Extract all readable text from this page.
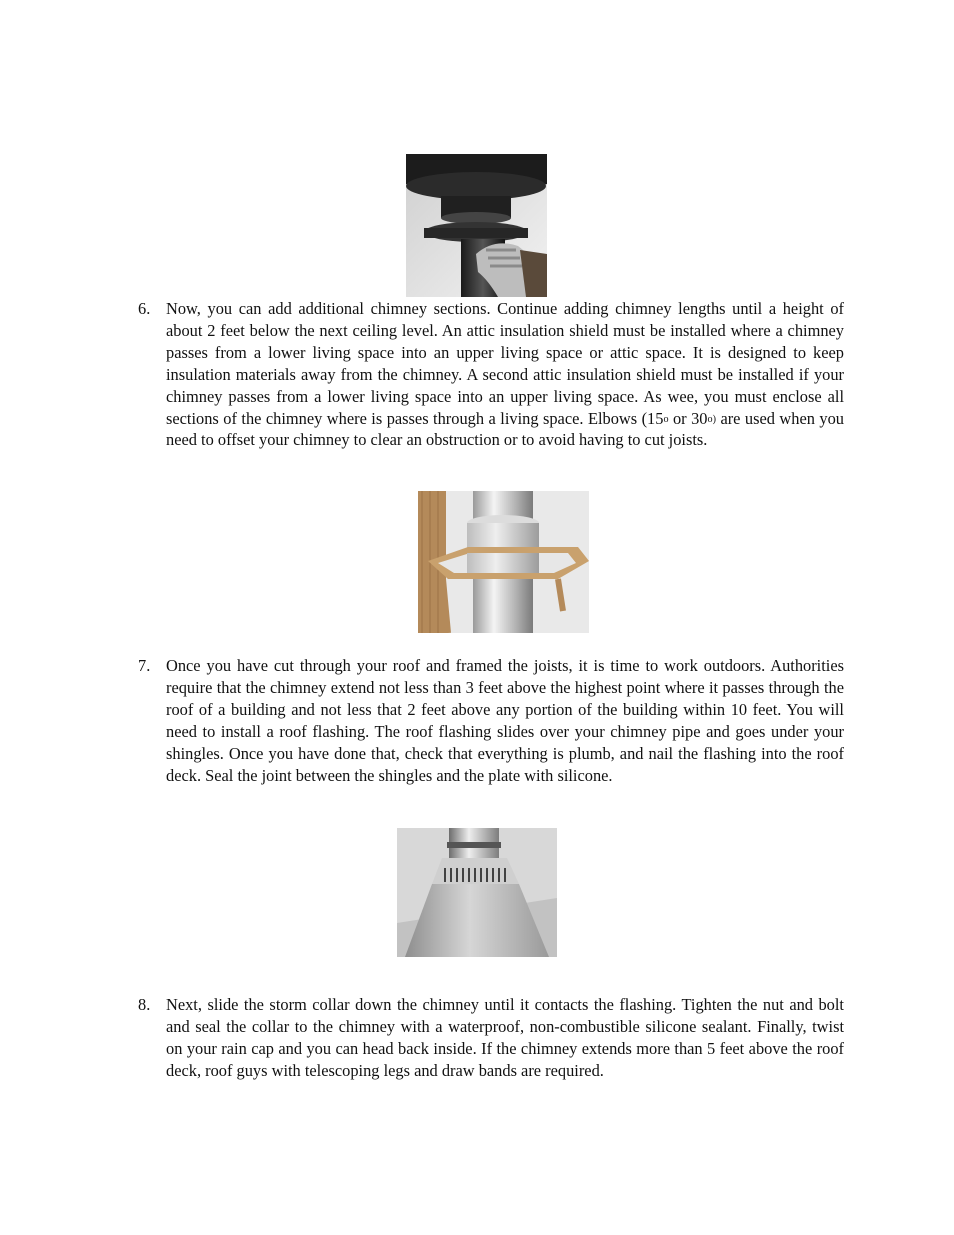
6. Now, you can add additional chimney sections. Continue adding chimney lengths until a height of about 2 feet below the next ceiling level. An attic insulation shield must be installed where a chimney passes from a lower living space into an upper living space or attic space. It is designed to keep insulation materials away from the chimney. A second attic insulation shield must be installed if your chimney passes from a lower living space into an upper living space. As wee, you must enclose all sections of the chimney where is passes through a living space. Elbows (15$^o$ or 30$^{o)}$ are used when you need to offset your chimney to clear an obstruction or to avoid having to cut joists.
7. Once you have cut through your roof and framed the joists, it is time to work outdoors. Authorities require that the chimney extend not less than 3 feet above the highest point where it passes through the roof of a building and not less that 2 feet above any portion of the building within 10 feet. You will need to install a roof flashing. The roof flashing slides over your chimney pipe and goes under your shingles. Once you have done that, check that everything is plumb, and nail the flashing into the roof deck. Seal the joint between the shingles and the plate with silicone.
8. Next, slide the storm collar down the chimney until it contacts the flashing. Tighten the nut and bolt and seal the collar to the chimney with a waterproof, non-combustible silicone sealant. Finally, twist on your rain cap and you can head back inside. If the chimney extends more than 5 feet above the roof deck, roof guys with telescoping legs and draw bands are required.
